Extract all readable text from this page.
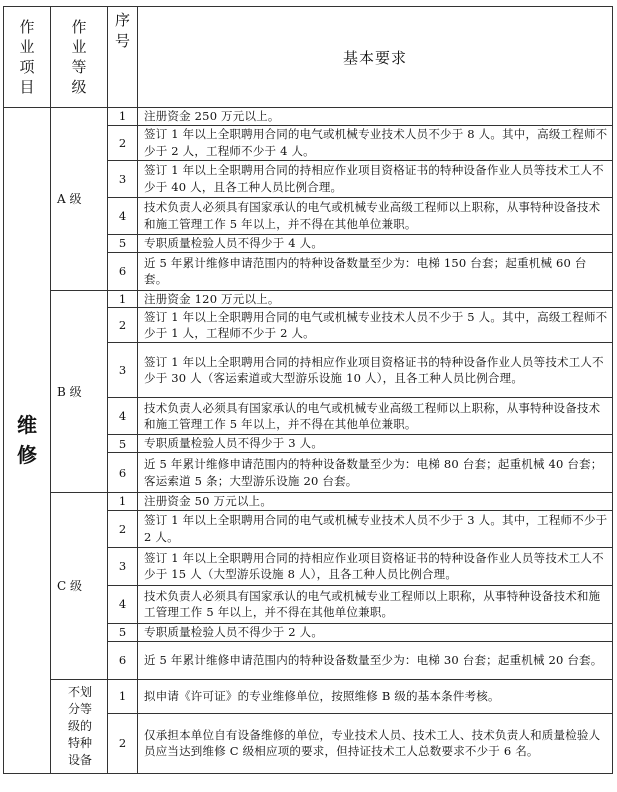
作
业
项
目	作
业
等
级	序
号	基本要求

维
修	A 级	1	注册资金 250 万元以上。
		2	签订 1 年以上全职聘用合同的电气或机械专业技术人员不少于 8 人。其中，高级工程师不少于 2 人，工程师不少于 4 人。
		3	签订 1 年以上全职聘用合同的持相应作业项目资格证书的特种设备作业人员等技术工人不少于 40 人，且各工种人员比例合理。
		4	技术负责人必须具有国家承认的电气或机械专业高级工程师以上职称，从事特种设备技术和施工管理工作 5 年以上，并不得在其他单位兼职。
		5	专职质量检验人员不得少于 4 人。
		6	近 5 年累计维修申请范围内的特种设备数量至少为：电梯 150 台套；起重机械 60 台套。
	B 级	1	注册资金 120 万元以上。
		2	签订 1 年以上全职聘用合同的电气或机械专业技术人员不少于 5 人。其中，高级工程师不少于 1 人，工程师不少于 2 人。
		3	签订 1 年以上全职聘用合同的持相应作业项目资格证书的特种设备作业人员等技术工人不少于 30 人（客运索道或大型游乐设施 10 人），且各工种人员比例合理。
		4	技术负责人必须具有国家承认的电气或机械专业高级工程师以上职称，从事特种设备技术和施工管理工作 5 年以上，并不得在其他单位兼职。
		5	专职质量检验人员不得少于 3 人。
		6	近 5 年累计维修申请范围内的特种设备数量至少为：电梯 80 台套；起重机械 40 台套；客运索道 5 条；大型游乐设施 20 台套。
	C 级	1	注册资金 50 万元以上。
		2	签订 1 年以上全职聘用合同的电气或机械专业技术人员不少于 3 人。其中，工程师不少于 2 人。
		3	签订 1 年以上全职聘用合同的持相应作业项目资格证书的特种设备作业人员等技术工人不少于 15 人（大型游乐设施 8 人），且各工种人员比例合理。
		4	技术负责人必须具有国家承认的电气或机械专业工程师以上职称，从事特种设备技术和施工管理工作 5 年以上，并不得在其他单位兼职。
		5	专职质量检验人员不得少于 2 人。
		6	近 5 年累计维修申请范围内的特种设备数量至少为：电梯 30 台套；起重机械 20 台套。

	不划
分等
级的
特种
设备	1	拟申请《许可证》的专业维修单位，按照维修 B 级的基本条件考核。
		2	仅承担本单位自有设备维修的单位，专业技术人员、技术工人、技术负责人和质量检验人员应当达到维修 C 级相应项的要求，但持证技术工人总数要求不少于 6 名。
